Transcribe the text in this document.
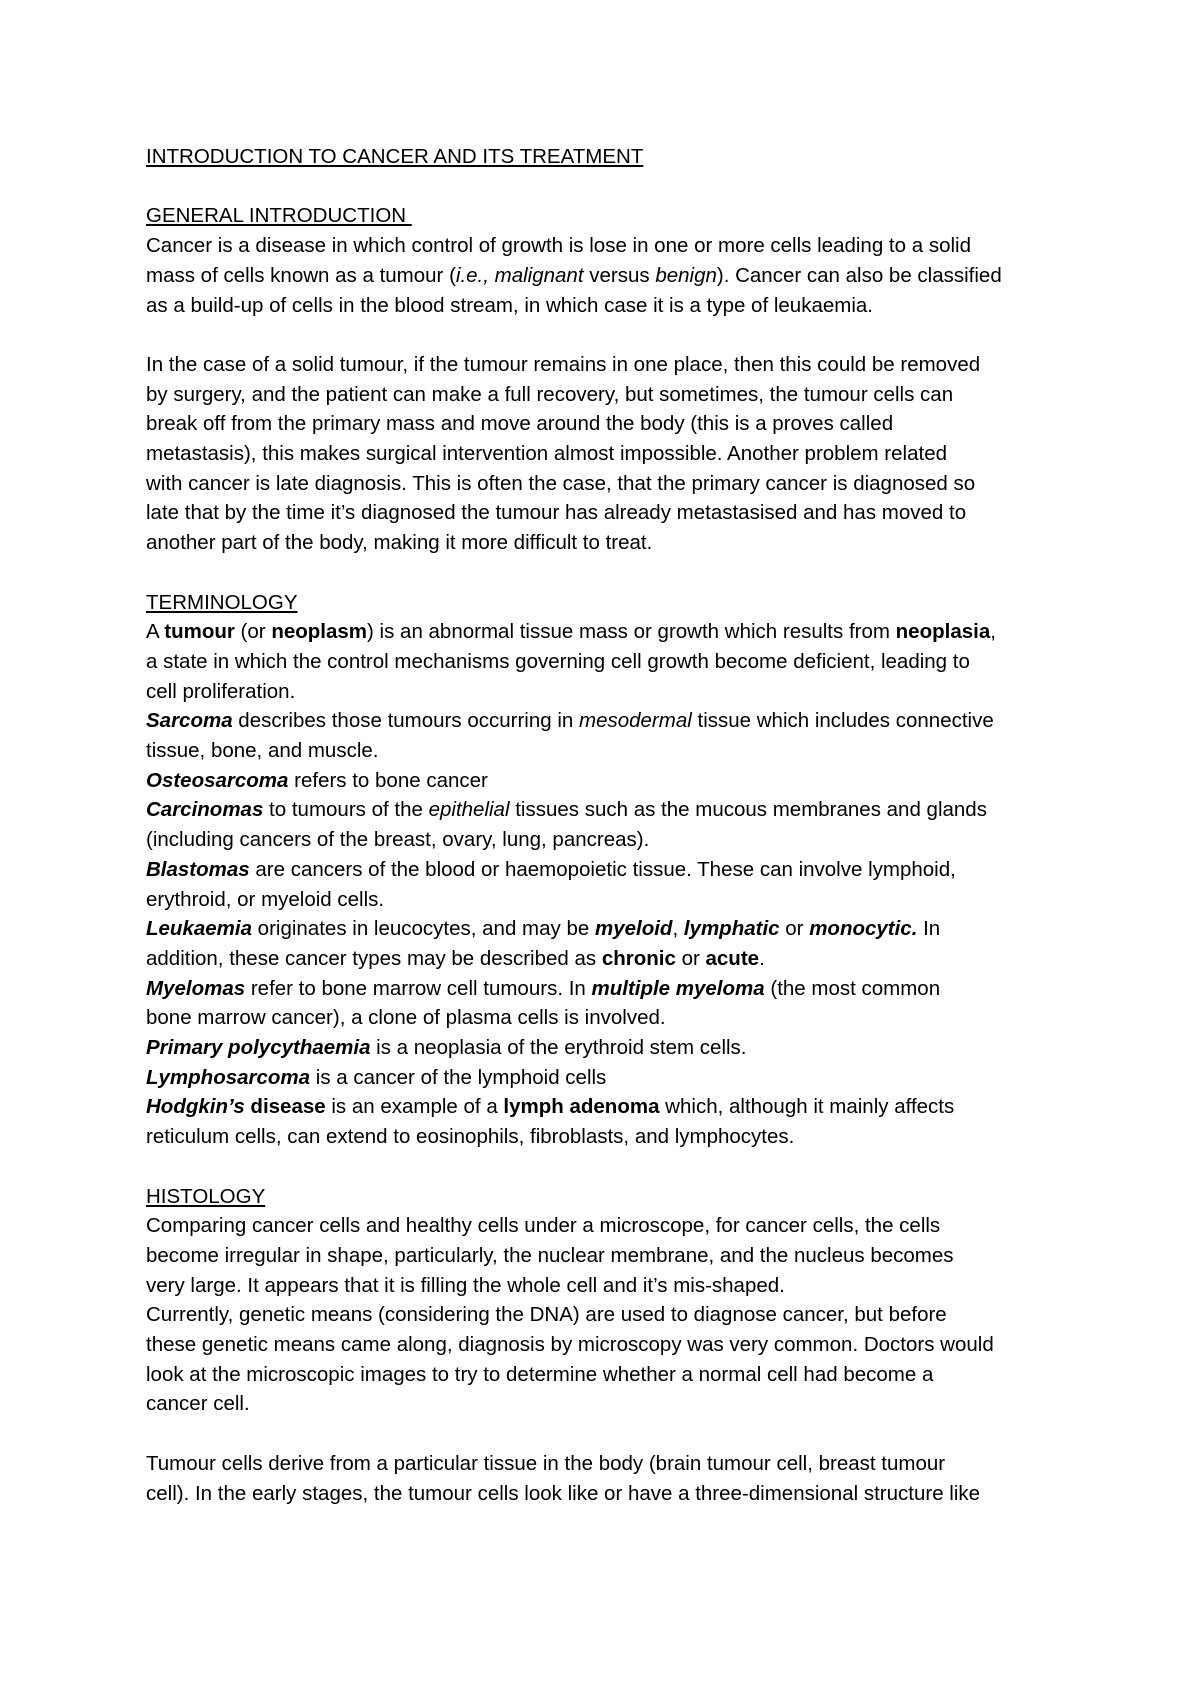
INTRODUCTION TO CANCER AND ITS TREATMENT

GENERAL INTRODUCTION

Cancer is a disease in which control of growth is lose in one or more cells leading to a solid
mass of cells known as a tumour (i.e., malignant versus benign). Cancer can also be classified
as a build-up of cells in the blood stream, in which case it is a type of leukaemia.
In the case of a solid tumour, if the tumour remains in one place, then this could be removed
by surgery, and the patient can make a full recovery, but sometimes, the tumour cells can
break off from the primary mass and move around the body (this is a proves called
metastasis), this makes surgical intervention almost impossible. Another problem related
with cancer is late diagnosis. This is often the case, that the primary cancer is diagnosed so
late that by the time it’s diagnosed the tumour has already metastasised and has moved to
another part of the body, making it more difficult to treat.

TERMINOLOGY

A tumour (or neoplasm) is an abnormal tissue mass or growth which results from neoplasia,
a state in which the control mechanisms governing cell growth become deficient, leading to
cell proliferation.
Sarcoma describes those tumours occurring in mesodermal tissue which includes connective
tissue, bone, and muscle.
Osteosarcoma refers to bone cancer
Carcinomas to tumours of the epithelial tissues such as the mucous membranes and glands
(including cancers of the breast, ovary, lung, pancreas).
Blastomas are cancers of the blood or haemopoietic tissue. These can involve lymphoid,
erythroid, or myeloid cells.
Leukaemia originates in leucocytes, and may be myeloid, lymphatic or monocytic. In
addition, these cancer types may be described as chronic or acute.
Myelomas refer to bone marrow cell tumours. In multiple myeloma (the most common
bone marrow cancer), a clone of plasma cells is involved.
Primary polycythaemia is a neoplasia of the erythroid stem cells.
Lymphosarcoma is a cancer of the lymphoid cells
Hodgkin’s disease is an example of a lymph adenoma which, although it mainly affects
reticulum cells, can extend to eosinophils, fibroblasts, and lymphocytes.

HISTOLOGY

Comparing cancer cells and healthy cells under a microscope, for cancer cells, the cells
become irregular in shape, particularly, the nuclear membrane, and the nucleus becomes
very large. It appears that it is filling the whole cell and it’s mis-shaped.
Currently, genetic means (considering the DNA) are used to diagnose cancer, but before
these genetic means came along, diagnosis by microscopy was very common. Doctors would
look at the microscopic images to try to determine whether a normal cell had become a
cancer cell.
Tumour cells derive from a particular tissue in the body (brain tumour cell, breast tumour
cell). In the early stages, the tumour cells look like or have a three-dimensional structure like
